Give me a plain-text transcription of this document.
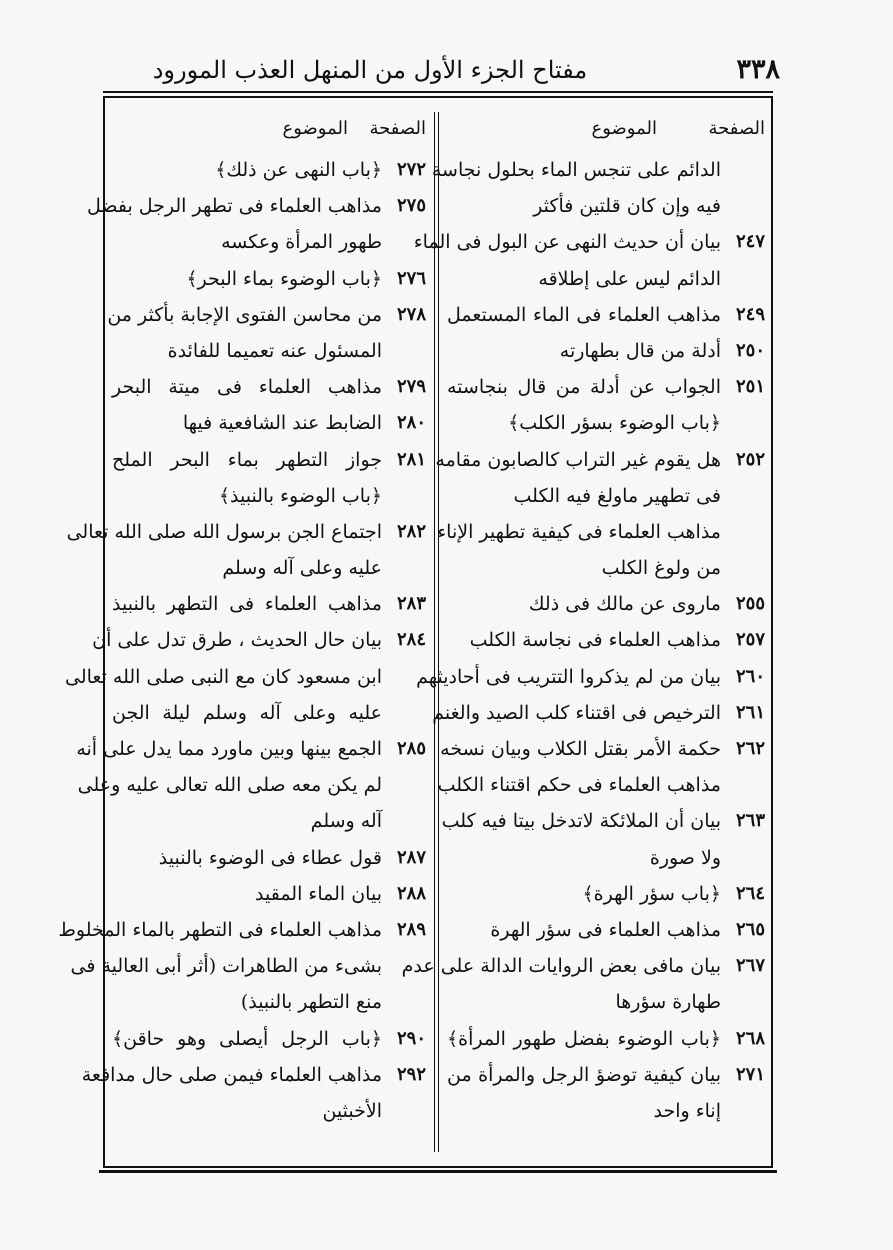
مفتاح الجزء الأول من المنهل العذب المورود	٣٣٨
الصفحة
الموضوع
الدائم على تنجس الماء بحلول نجاسة
فيه وإن كان قلتين فأكثر
٢٤٧
بيان أن حديث النهى عن البول فى الماء
الدائم ليس على إطلاقه
٢٤٩
مذاهب العلماء فى الماء المستعمل
٢٥٠
أدلة من قال بطهارته
٢٥١
الجواب عن أدلة من قال بنجاسته
﴿باب الوضوء بسؤر الكلب﴾
٢٥٢
هل يقوم غير التراب كالصابون مقامه
فى تطهير ماولغ فيه الكلب
مذاهب العلماء فى كيفية تطهير الإناء
من ولوغ الكلب
٢٥٥
ماروى عن مالك فى ذلك
٢٥٧
مذاهب العلماء فى نجاسة الكلب
٢٦٠
بيان من لم يذكروا التتريب فى أحاديثهم
٢٦١
الترخيص فى اقتناء كلب الصيد والغنم
٢٦٢
حكمة الأمر بقتل الكلاب وبيان نسخه
مذاهب العلماء فى حكم اقتناء الكلب
٢٦٣
بيان أن الملائكة لاتدخل بيتا فيه كلب
ولا صورة
٢٦٤
﴿باب سؤر الهرة﴾
٢٦٥
مذاهب العلماء فى سؤر الهرة
٢٦٧
بيان مافى بعض الروايات الدالة على عدم
طهارة سؤرها
٢٦٨
﴿باب الوضوء بفضل طهور المرأة﴾
٢٧١
بيان كيفية توضؤ الرجل والمرأة من
إناء واحد
الصفحة
الموضوع
٢٧٢
﴿باب النهى عن ذلك﴾
٢٧٥
مذاهب العلماء فى تطهر الرجل بفضل
طهور المرأة وعكسه
٢٧٦
﴿باب الوضوء بماء البحر﴾
٢٧٨
من محاسن الفتوى الإجابة بأكثر من
المسئول عنه تعميما للفائدة
٢٧٩
مذاهب العلماء فى ميتة البحر
٢٨٠
الضابط عند الشافعية فيها
٢٨١
جواز التطهر بماء البحر الملح
﴿باب الوضوء بالنبيذ﴾
٢٨٢
اجتماع الجن برسول الله صلى الله تعالى
عليه وعلى آله وسلم
٢٨٣
مذاهب العلماء فى التطهر بالنبيذ
٢٨٤
بيان حال الحديث ، طرق تدل على أن
ابن مسعود كان مع النبى صلى الله تعالى
عليه وعلى آله وسلم ليلة الجن
٢٨٥
الجمع بينها وبين ماورد مما يدل على أنه
لم يكن معه صلى الله تعالى عليه وعلى
آله وسلم
٢٨٧
قول عطاء فى الوضوء بالنبيذ
٢٨٨
بيان الماء المقيد
٢٨٩
مذاهب العلماء فى التطهر بالماء المخلوط
بشىء من الطاهرات (أثر أبى العالية فى
منع التطهر بالنبيذ)
٢٩٠
﴿باب الرجل أيصلى وهو حاقن﴾
٢٩٢
مذاهب العلماء فيمن صلى حال مدافعة
الأخبثين
